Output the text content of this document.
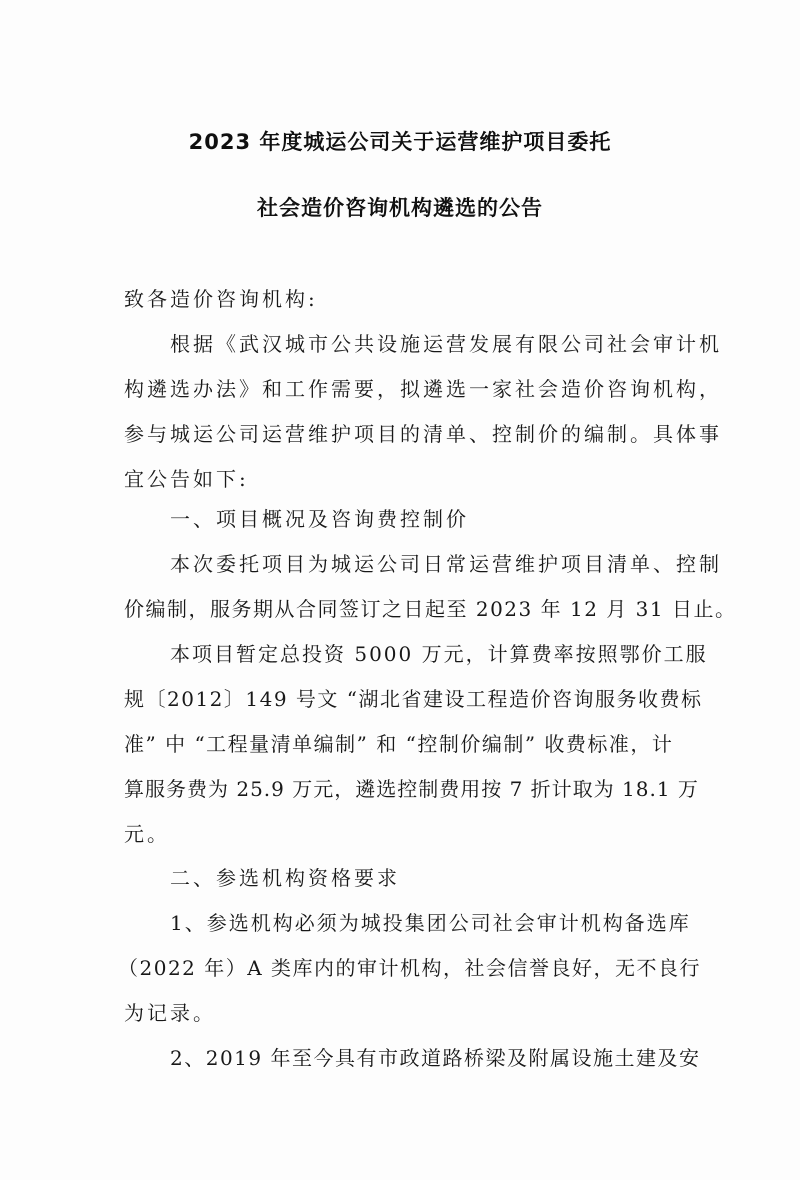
2023 年度城运公司关于运营维护项目委托
社会造价咨询机构遴选的公告
致各造价咨询机构:
根据《武汉城市公共设施运营发展有限公司社会审计机
构遴选办法》和工作需要，拟遴选一家社会造价咨询机构，
参与城运公司运营维护项目的清单、控制价的编制。具体事
宜公告如下:
一、项目概况及咨询费控制价
本次委托项目为城运公司日常运营维护项目清单、控制
价编制，服务期从合同签订之日起至 2023 年 12 月 31 日止。
本项目暂定总投资 5000 万元，计算费率按照鄂价工服
规〔2012〕149 号文 “湖北省建设工程造价咨询服务收费标
准” 中 “工程量清单编制” 和 “控制价编制” 收费标准，计
算服务费为 25.9 万元，遴选控制费用按 7 折计取为 18.1 万
元。
二、参选机构资格要求
1、参选机构必须为城投集团公司社会审计机构备选库
（2022 年）A 类库内的审计机构，社会信誉良好，无不良行
为记录。
2、2019 年至今具有市政道路桥梁及附属设施土建及安
